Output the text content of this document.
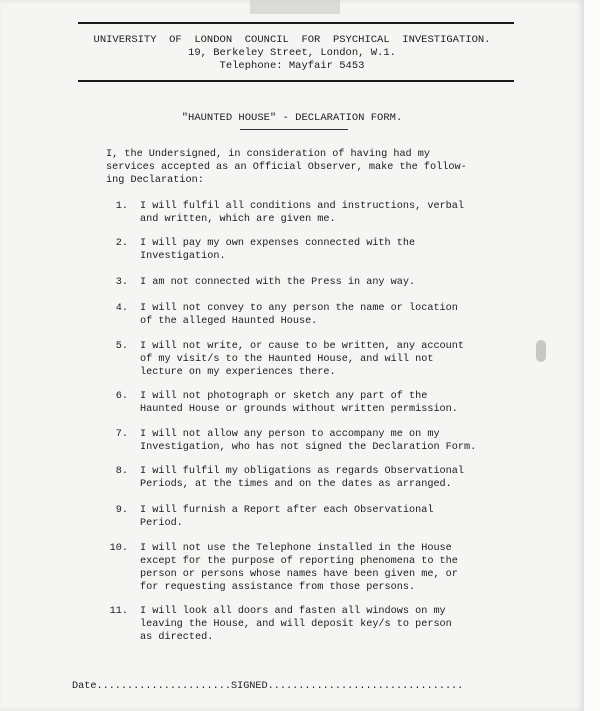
UNIVERSITY  OF  LONDON  COUNCIL  FOR  PSYCHICAL  INVESTIGATION.
19, Berkeley Street, London, W.1.
Telephone: Mayfair 5453
"HAUNTED HOUSE" - DECLARATION FORM.
I, the Undersigned, in consideration of having had my
services accepted as an Official Observer, make the follow-
ing Declaration:
1. I will fulfil all conditions and instructions, verbal
and written, which are given me.
2. I will pay my own expenses connected with the
Investigation.
3. I am not connected with the Press in any way.
4. I will not convey to any person the name or location
of the alleged Haunted House.
5. I will not write, or cause to be written, any account
of my visit/s to the Haunted House, and will not
lecture on my experiences there.
6. I will not photograph or sketch any part of the
Haunted House or grounds without written permission.
7. I will not allow any person to accompany me on my
Investigation, who has not signed the Declaration Form.
8. I will fulfil my obligations as regards Observational
Periods, at the times and on the dates as arranged.
9. I will furnish a Report after each Observational
Period.
10. I will not use the Telephone installed in the House
except for the purpose of reporting phenomena to the
person or persons whose names have been given me, or
for requesting assistance from those persons.
11. I will look all doors and fasten all windows on my
leaving the House, and will deposit key/s to person
as directed.
Date......................SIGNED................................
